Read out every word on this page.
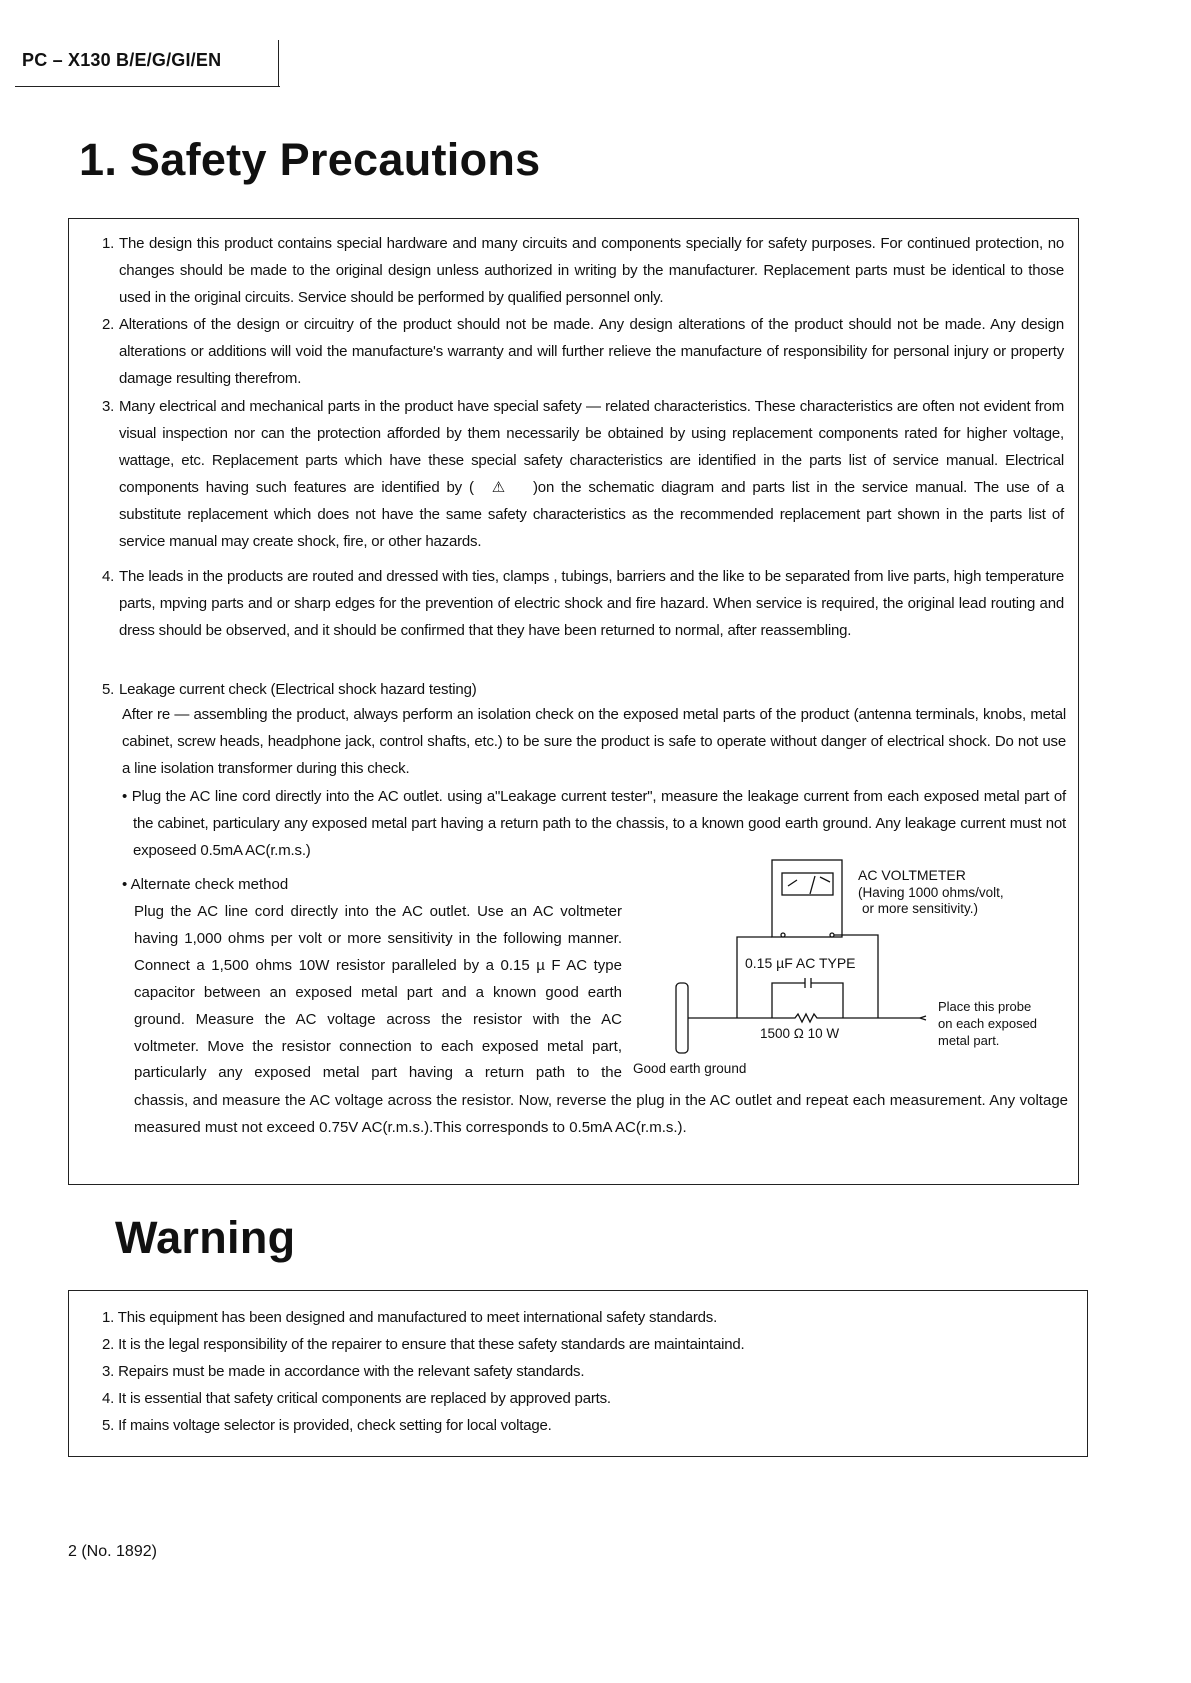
PC – X130 B/E/G/GI/EN
1. Safety Precautions
1. The design this product contains special hardware and many circuits and components specially for safety purposes. For continued protection, no changes should be made to the original design unless authorized in writing by the manufacturer. Replacement parts must be identical to those used in the original circuits. Service should be performed by qualified personnel only.
2. Alterations of the design or circuitry of the product should not be made. Any design alterations of the product should not be made. Any design alterations or additions will void the manufacture's warranty and will further relieve the manufacture of responsibility for personal injury or property damage resulting therefrom.
3. Many electrical and mechanical parts in the product have special safety — related characteristics. These characteristics are often not evident from visual inspection nor can the protection afforded by them necessarily be obtained by using replacement components rated for higher voltage, wattage, etc. Replacement parts which have these special safety characteristics are identified in the parts list of service manual. Electrical components having such features are identified by ( ⚠ )on the schematic diagram and parts list in the service manual. The use of a substitute replacement which does not have the same safety characteristics as the recommended replacement part shown in the parts list of service manual may create shock, fire, or other hazards.
4. The leads in the products are routed and dressed with ties, clamps , tubings, barriers and the like to be separated from live parts, high temperature parts, mpving parts and or sharp edges for the prevention of electric shock and fire hazard. When service is required, the original lead routing and dress should be observed, and it should be confirmed that they have been returned to normal, after reassembling.
5. Leakage current check (Electrical shock hazard testing)
After re — assembling the product, always perform an isolation check on the exposed metal parts of the product (antenna terminals, knobs, metal cabinet, screw heads, headphone jack, control shafts, etc.) to be sure the product is safe to operate without danger of electrical shock. Do not use a line isolation transformer during this check.
• Plug the AC line cord directly into the AC outlet. using a"Leakage current tester", measure the leakage current from each exposed metal part of the cabinet, particulary any exposed metal part having a return path to the chassis, to a known good earth ground. Any leakage current must not exposeed 0.5mA AC(r.m.s.)
• Alternate check method
Plug the AC line cord directly into the AC outlet. Use an AC voltmeter having 1,000 ohms per volt or more sensitivity in the following manner. Connect a 1,500 ohms 10W resistor paralleled by a 0.15 µ F AC type capacitor between an exposed metal part and a known good earth ground. Measure the AC voltage across the resistor with the AC voltmeter. Move the resistor connection to each exposed metal part, particularly any exposed metal part having a return path to the
chassis, and measure the AC voltage across the resistor. Now, reverse the plug in the AC outlet and repeat each measurement. Any voltage measured must not exceed 0.75V AC(r.m.s.).This corresponds to 0.5mA AC(r.m.s.).
AC VOLTMETER
(Having 1000 ohms/volt,
or more sensitivity.)
0.15 µF AC TYPE
1500 Ω 10 W
Place this probe
on each exposed
metal part.
Good earth ground
Warning
1. This equipment has been designed and manufactured to meet international safety standards.
2. It is the legal responsibility of the repairer to ensure that these safety standards are maintaintaind.
3. Repairs must be made in accordance with the relevant safety standards.
4. It is essential that safety critical components are replaced by approved parts.
5. If mains voltage selector is provided, check setting for local voltage.
2 (No. 1892)
